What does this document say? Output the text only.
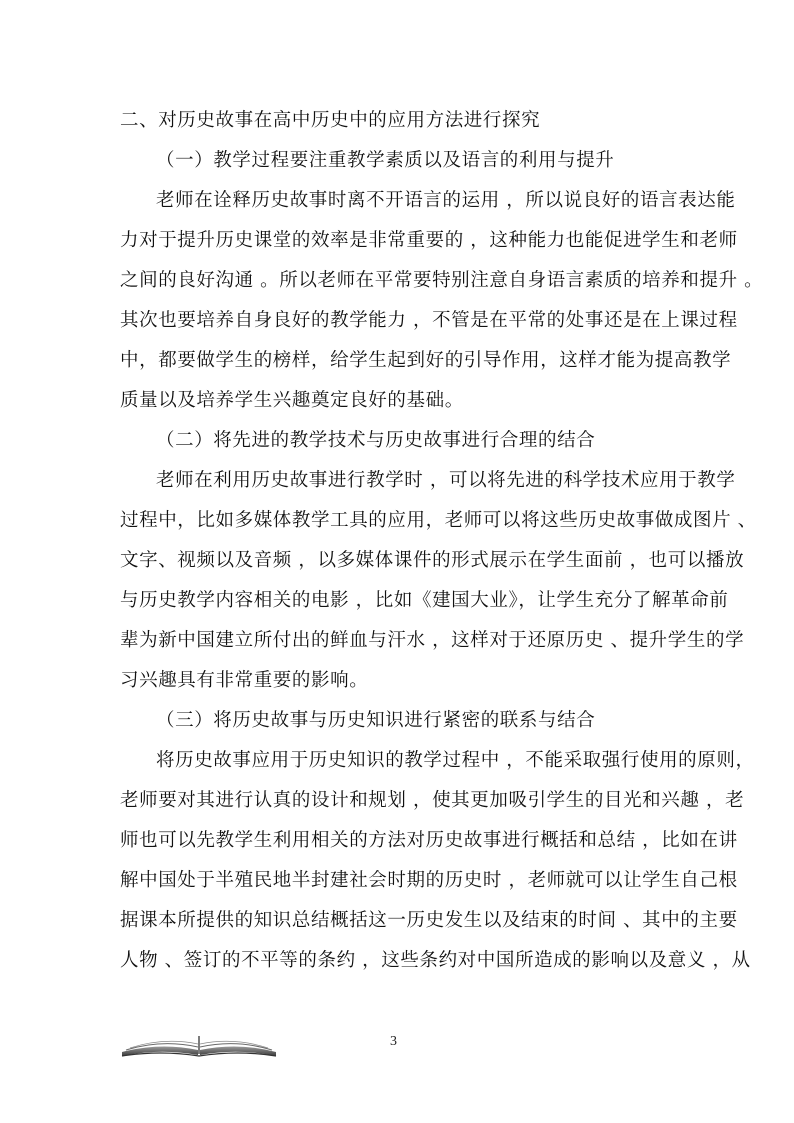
二、对历史故事在高中历史中的应用方法进行探究
（一）教学过程要注重教学素质以及语言的利用与提升
老师在诠释历史故事时离不开语言的运用 ，所以说良好的语言表达能
力对于提升历史课堂的效率是非常重要的 ，这种能力也能促进学生和老师
之间的良好沟通 。所以老师在平常要特别注意自身语言素质的培养和提升 。
其次也要培养自身良好的教学能力 ，不管是在平常的处事还是在上课过程
中，都要做学生的榜样，给学生起到好的引导作用，这样才能为提高教学
质量以及培养学生兴趣奠定良好的基础。
（二）将先进的教学技术与历史故事进行合理的结合
老师在利用历史故事进行教学时 ，可以将先进的科学技术应用于教学
过程中，比如多媒体教学工具的应用，老师可以将这些历史故事做成图片 、
文字、视频以及音频 ，以多媒体课件的形式展示在学生面前 ，也可以播放
与历史教学内容相关的电影 ，比如《建国大业》，让学生充分了解革命前
辈为新中国建立所付出的鲜血与汗水 ，这样对于还原历史 、提升学生的学
习兴趣具有非常重要的影响。
（三）将历史故事与历史知识进行紧密的联系与结合
将历史故事应用于历史知识的教学过程中 ，不能采取强行使用的原则，
老师要对其进行认真的设计和规划 ，使其更加吸引学生的目光和兴趣 ，老
师也可以先教学生利用相关的方法对历史故事进行概括和总结 ，比如在讲
解中国处于半殖民地半封建社会时期的历史时 ，老师就可以让学生自己根
据课本所提供的知识总结概括这一历史发生以及结束的时间 、其中的主要
人物 、签订的不平等的条约 ，这些条约对中国所造成的影响以及意义 ，从
3
